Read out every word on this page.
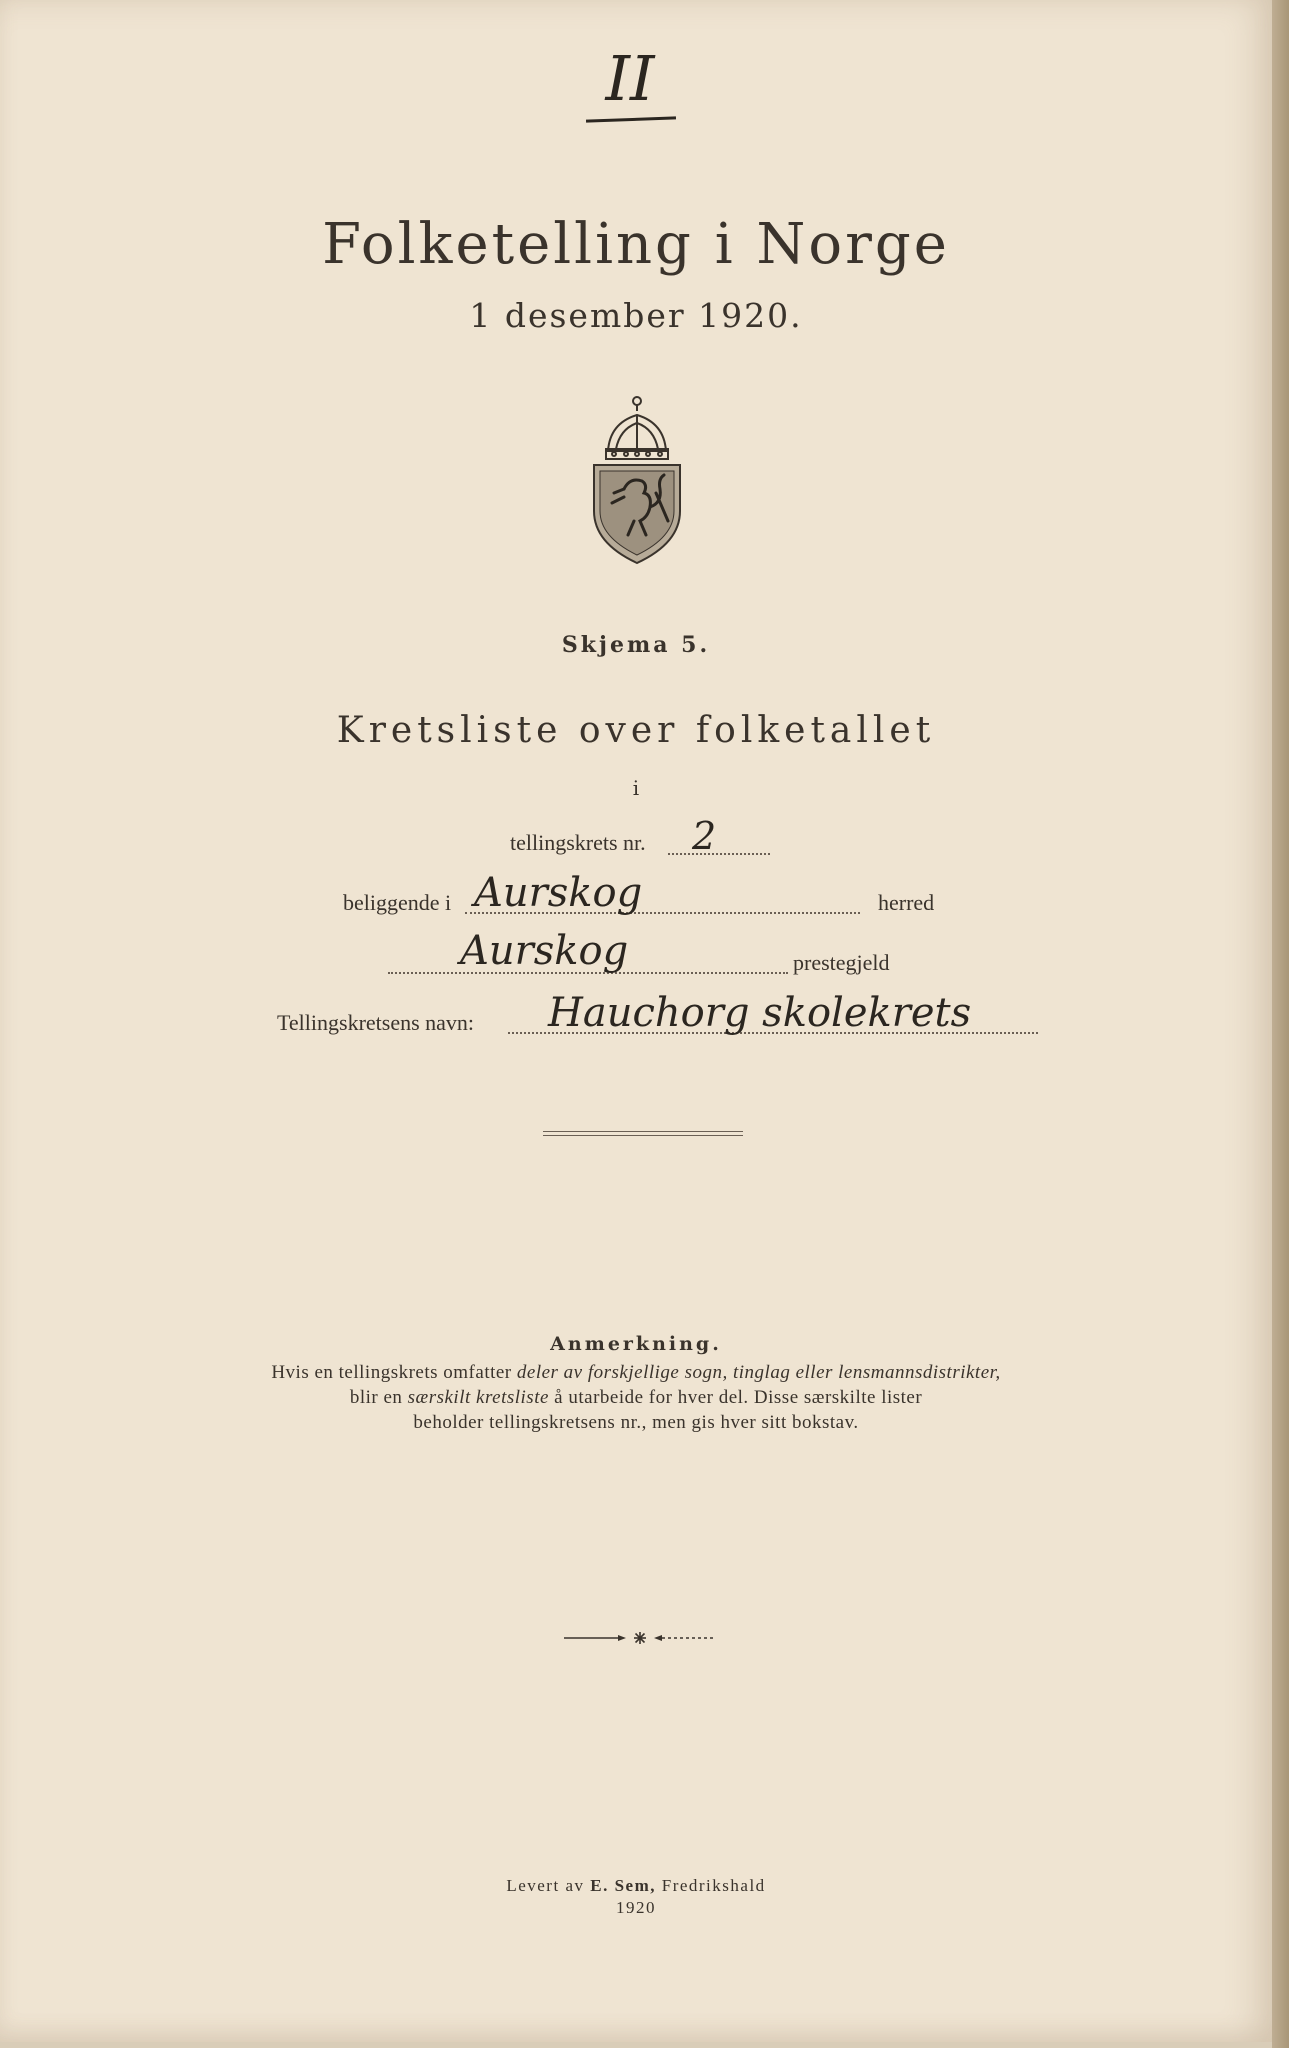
II
Folketelling i Norge
1 desember 1920.
Skjema 5.
Kretsliste over folketallet
i
tellingskrets nr. 2
beliggende i Aurskog	herred
Aurskog	prestegjeld
Tellingskretsens navn: Hauchorg skolekrets
Anmerkning.
Hvis en tellingskrets omfatter deler av forskjellige sogn, tinglag eller lensmannsdistrikter,
blir en særskilt kretsliste å utarbeide for hver del. Disse særskilte lister
beholder tellingskretsens nr., men gis hver sitt bokstav.
Levert av E. Sem, Fredrikshald
1920
